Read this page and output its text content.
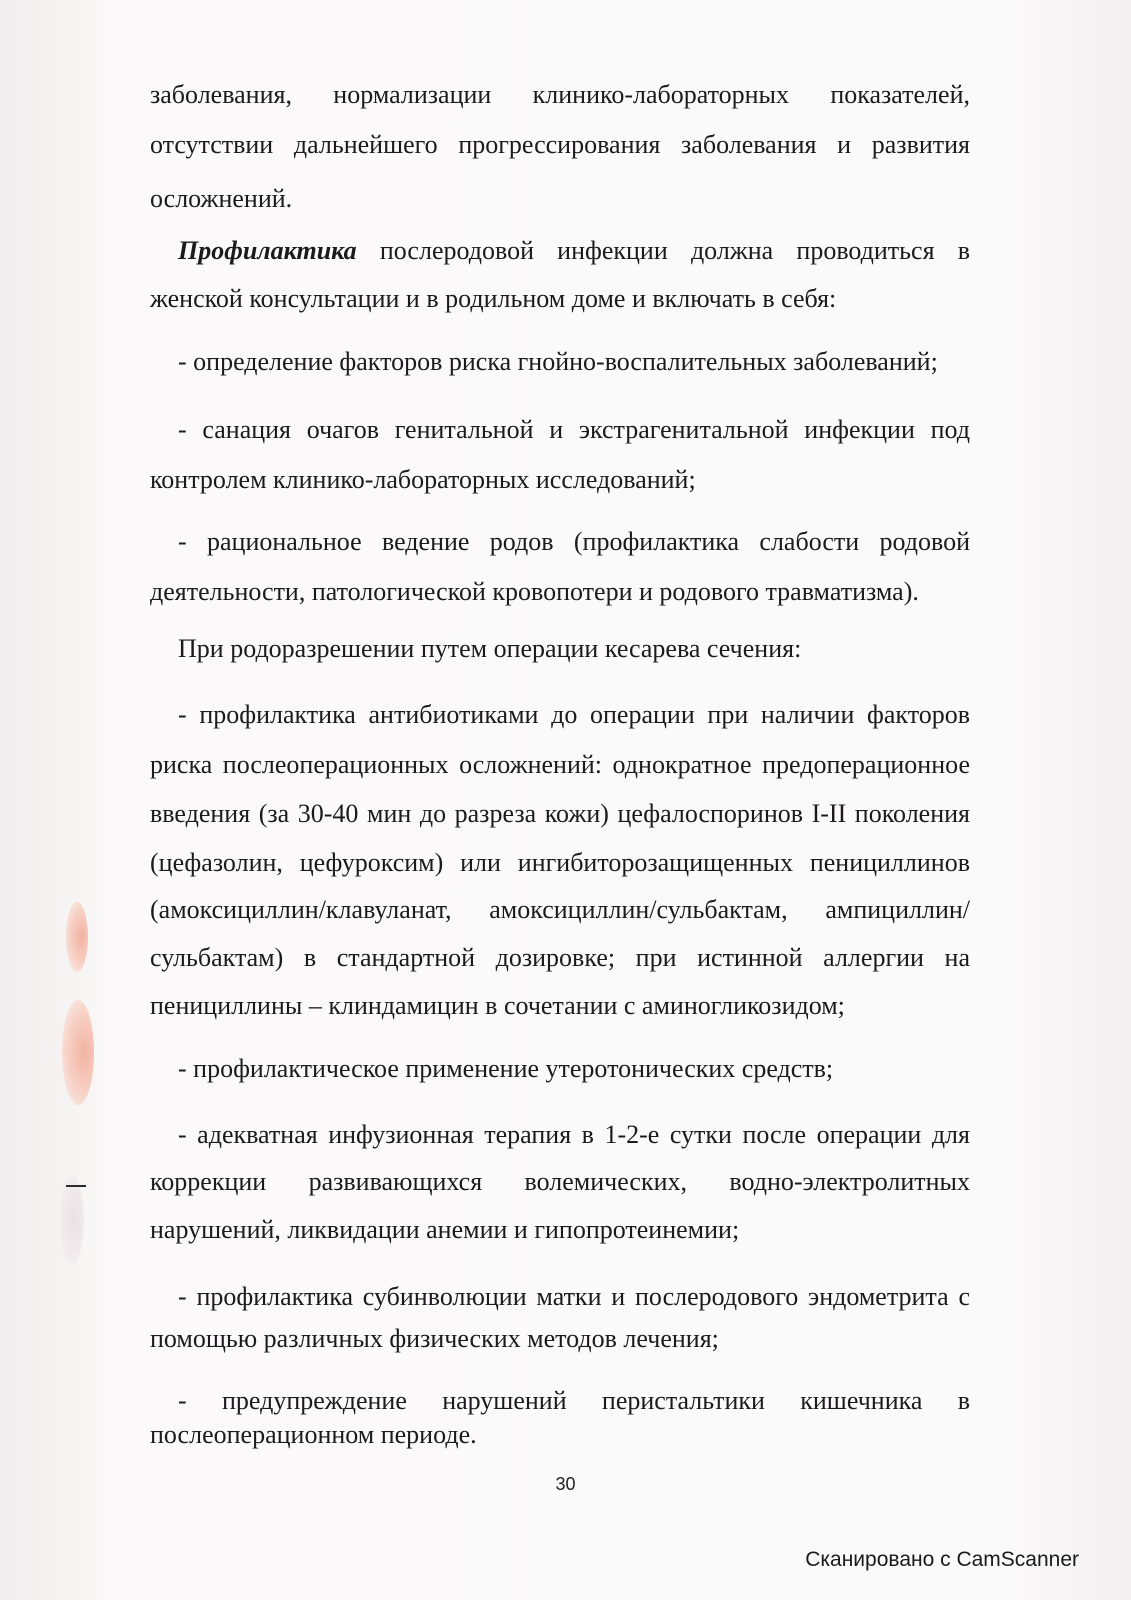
заболевания, нормализации клинико-лабораторных показателей,
отсутствии дальнейшего прогрессирования заболевания и развития
осложнений.
Профилактика послеродовой инфекции должна проводиться в
женской консультации и в родильном доме и включать в себя:
- определение факторов риска гнойно-воспалительных заболеваний;
- санация очагов генитальной и экстрагенитальной инфекции под
контролем клинико-лабораторных исследований;
- рациональное ведение родов (профилактика слабости родовой
деятельности, патологической кровопотери и родового травматизма).
При родоразрешении путем операции кесарева сечения:
- профилактика антибиотиками до операции при наличии факторов
риска послеоперационных осложнений: однократное предоперационное
введения (за 30-40 мин до разреза кожи) цефалоспоринов I-II поколения
(цефазолин, цефуроксим) или ингибиторозащищенных пенициллинов
(амоксициллин/клавуланат, амоксициллин/сульбактам, ампициллин/
сульбактам) в стандартной дозировке; при истинной аллергии на
пенициллины – клиндамицин в сочетании с аминогликозидом;
- профилактическое применение утеротонических средств;
- адекватная инфузионная терапия в 1-2-е сутки после операции для
коррекции развивающихся волемических, водно-электролитных
нарушений, ликвидации анемии и гипопротеинемии;
- профилактика субинволюции матки и послеродового эндометрита с
помощью различных физических методов лечения;
- предупреждение нарушений перистальтики кишечника в
послеоперационном периоде.
30
Сканировано с CamScanner
